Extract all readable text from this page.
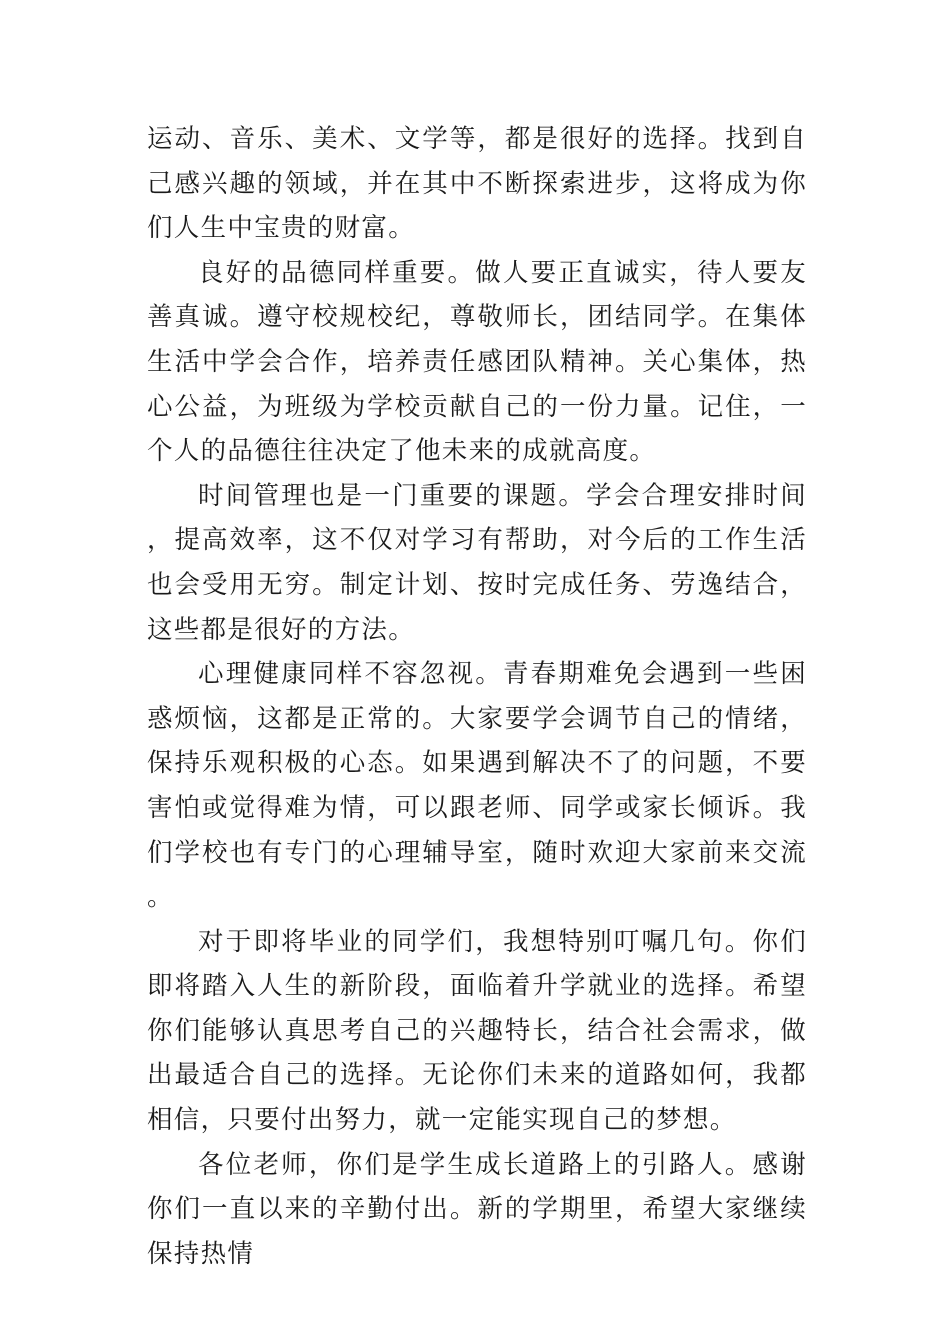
运动、音乐、美术、文学等，都是很好的选择。找到自己感兴趣的领域，并在其中不断探索进步，这将成为你们人生中宝贵的财富。

良好的品德同样重要。做人要正直诚实，待人要友善真诚。遵守校规校纪，尊敬师长，团结同学。在集体生活中学会合作，培养责任感团队精神。关心集体，热心公益，为班级为学校贡献自己的一份力量。记住，一个人的品德往往决定了他未来的成就高度。

时间管理也是一门重要的课题。学会合理安排时间，提高效率，这不仅对学习有帮助，对今后的工作生活也会受用无穷。制定计划、按时完成任务、劳逸结合，这些都是很好的方法。

心理健康同样不容忽视。青春期难免会遇到一些困惑烦恼，这都是正常的。大家要学会调节自己的情绪，保持乐观积极的心态。如果遇到解决不了的问题，不要害怕或觉得难为情，可以跟老师、同学或家长倾诉。我们学校也有专门的心理辅导室，随时欢迎大家前来交流。

对于即将毕业的同学们，我想特别叮嘱几句。你们即将踏入人生的新阶段，面临着升学就业的选择。希望你们能够认真思考自己的兴趣特长，结合社会需求，做出最适合自己的选择。无论你们未来的道路如何，我都相信，只要付出努力，就一定能实现自己的梦想。

各位老师，你们是学生成长道路上的引路人。感谢你们一直以来的辛勤付出。新的学期里，希望大家继续保持热情
